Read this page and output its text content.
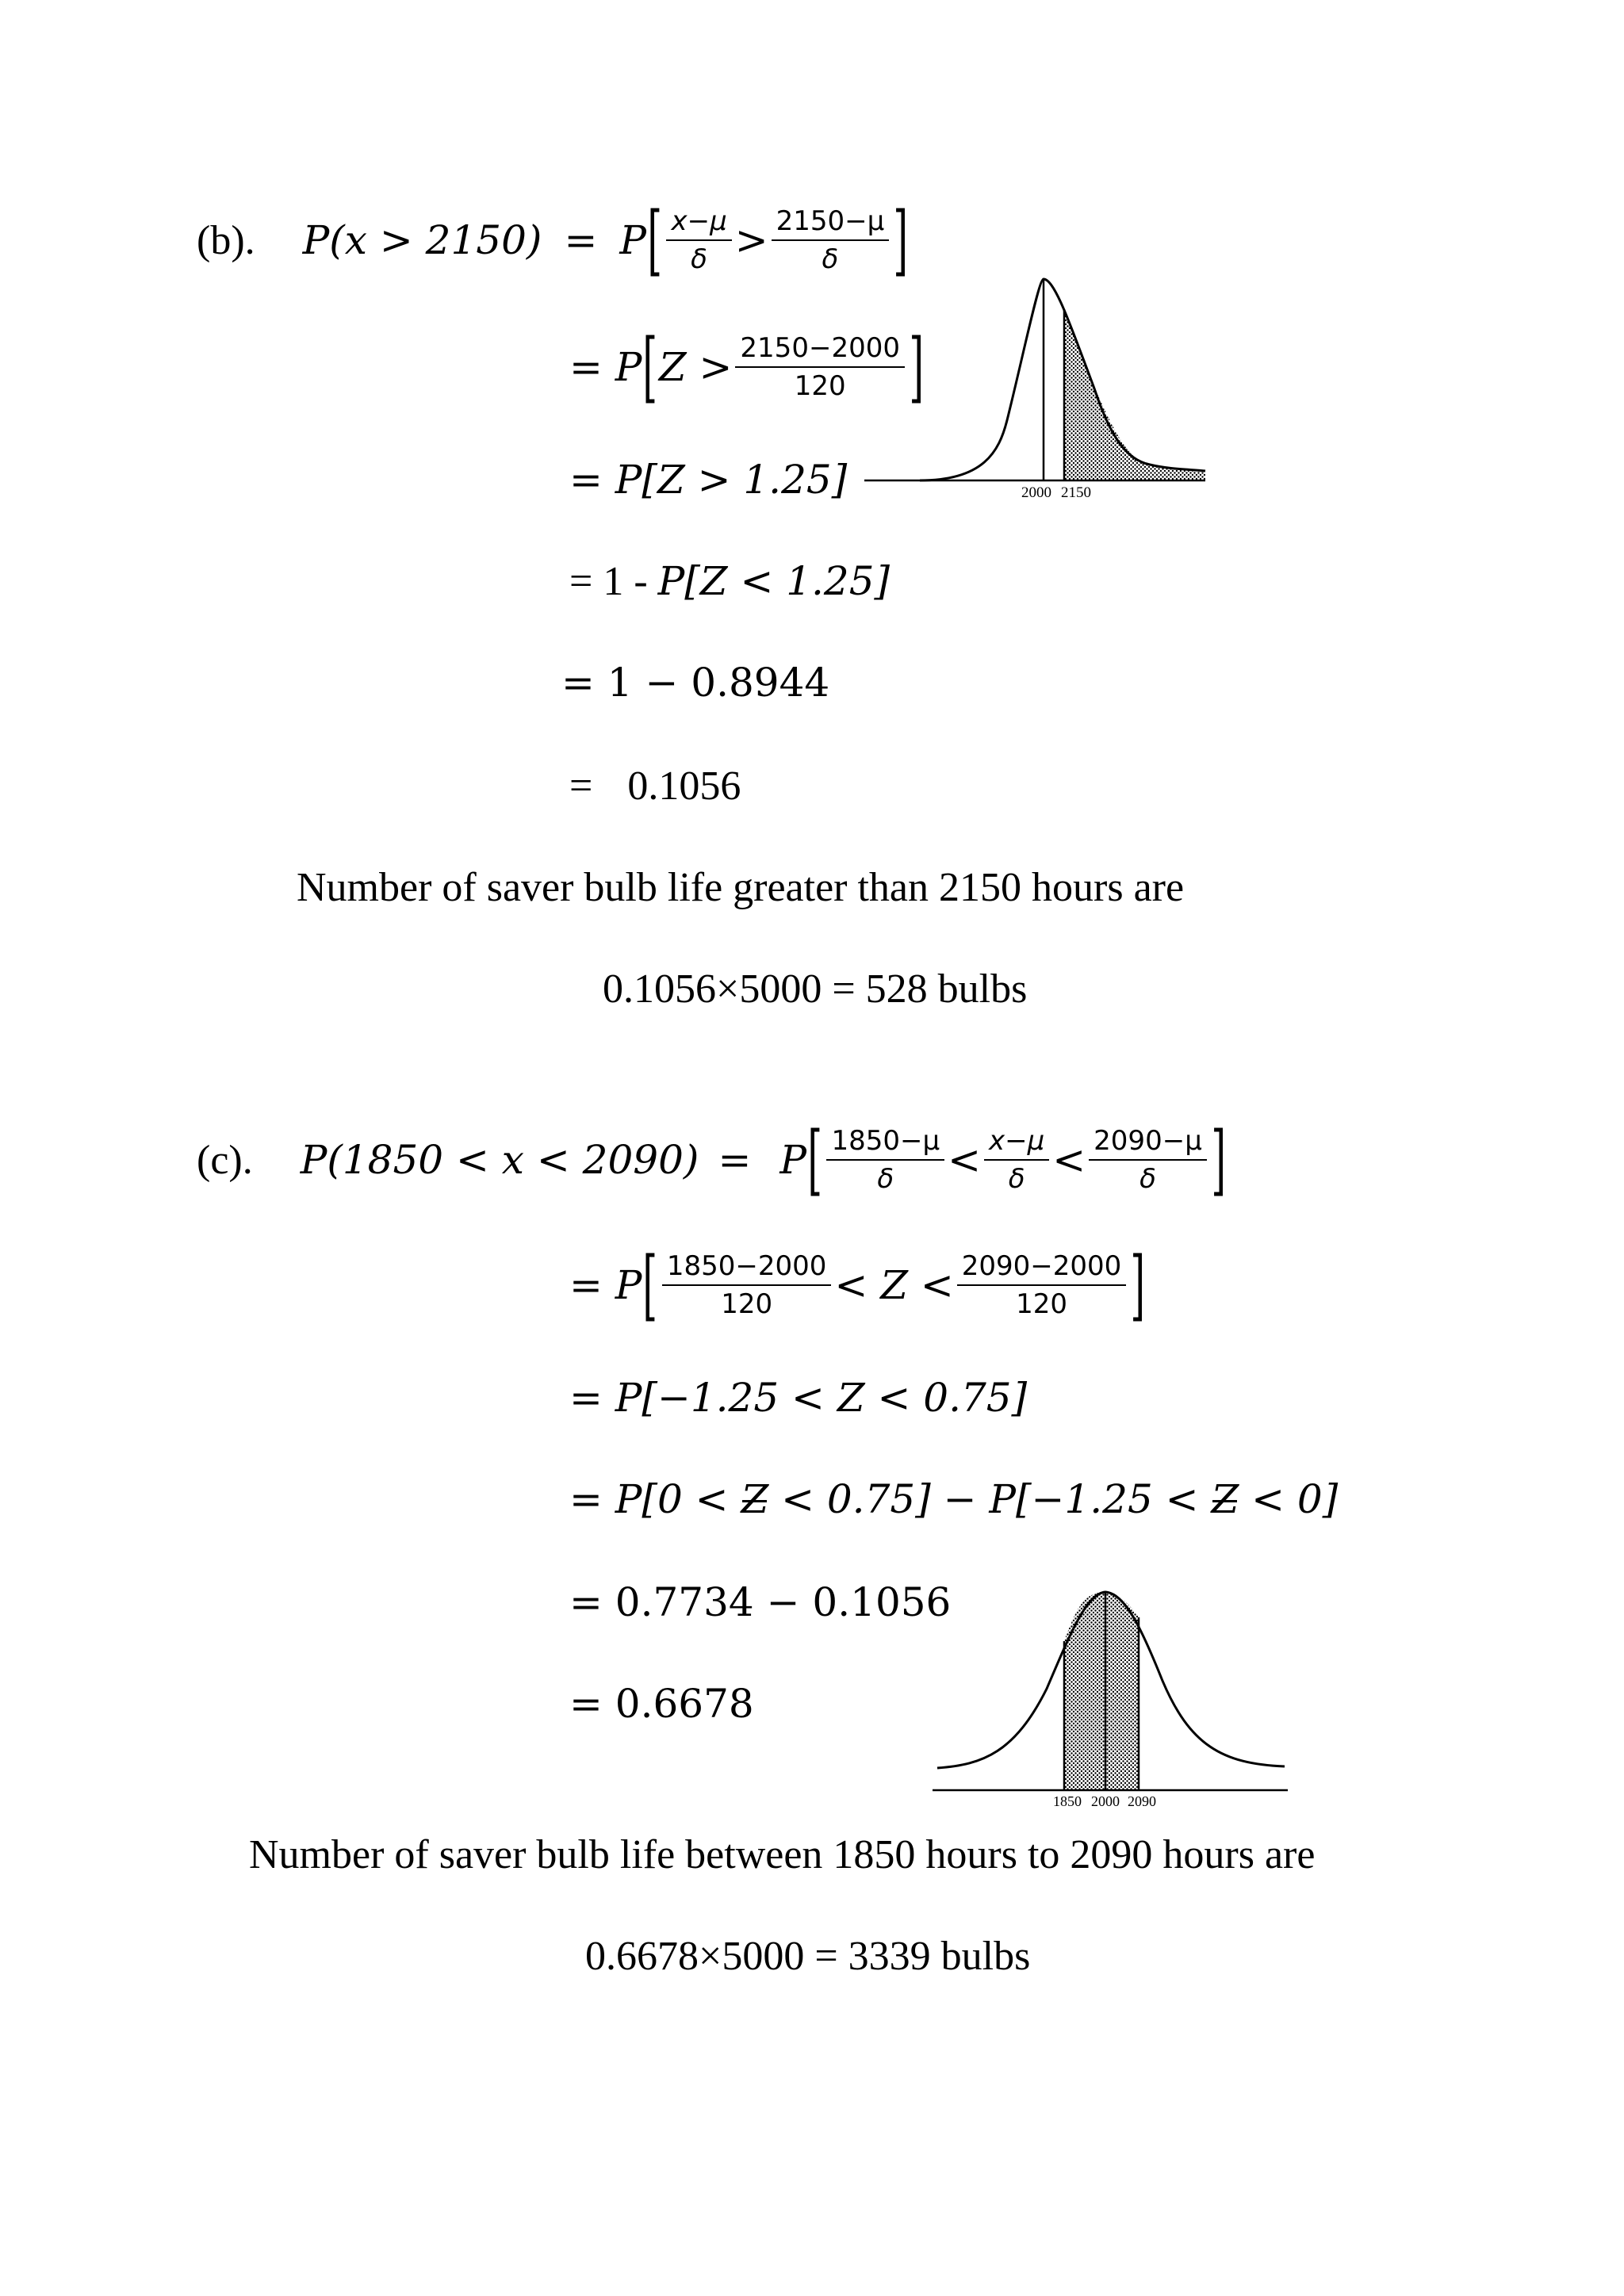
(b). P(x > 2150) = P [ $\frac{x-\mu}{\delta} > \frac{2150-\mu}{\delta}$ ]
= P [ $Z > \frac{2150-2000}{120}$ ]
= P[Z > 1.25]
= 1 - P[Z < 1.25]
= 1 − 0.8944
= 0.1056
Number of saver bulb life greater than 2150 hours are
0.1056×5000 = 528 bulbs
2000 2150
(c). P(1850 < x < 2090) = P [ $\frac{1850-\mu}{\delta} < \frac{x-\mu}{\delta} < \frac{2090-\mu}{\delta}$ ]
= P [ $\frac{1850-2000}{120} < Z < \frac{2090-2000}{120}$ ]
= P[−1.25 < Z < 0.75]
= P[0 < Z < 0.75] − P[−1.25 < Z < 0]
= 0.7734 − 0.1056
= 0.6678
Number of saver bulb life between 1850 hours to 2090 hours are
0.6678×5000 = 3339 bulbs
1850 2000 2090
